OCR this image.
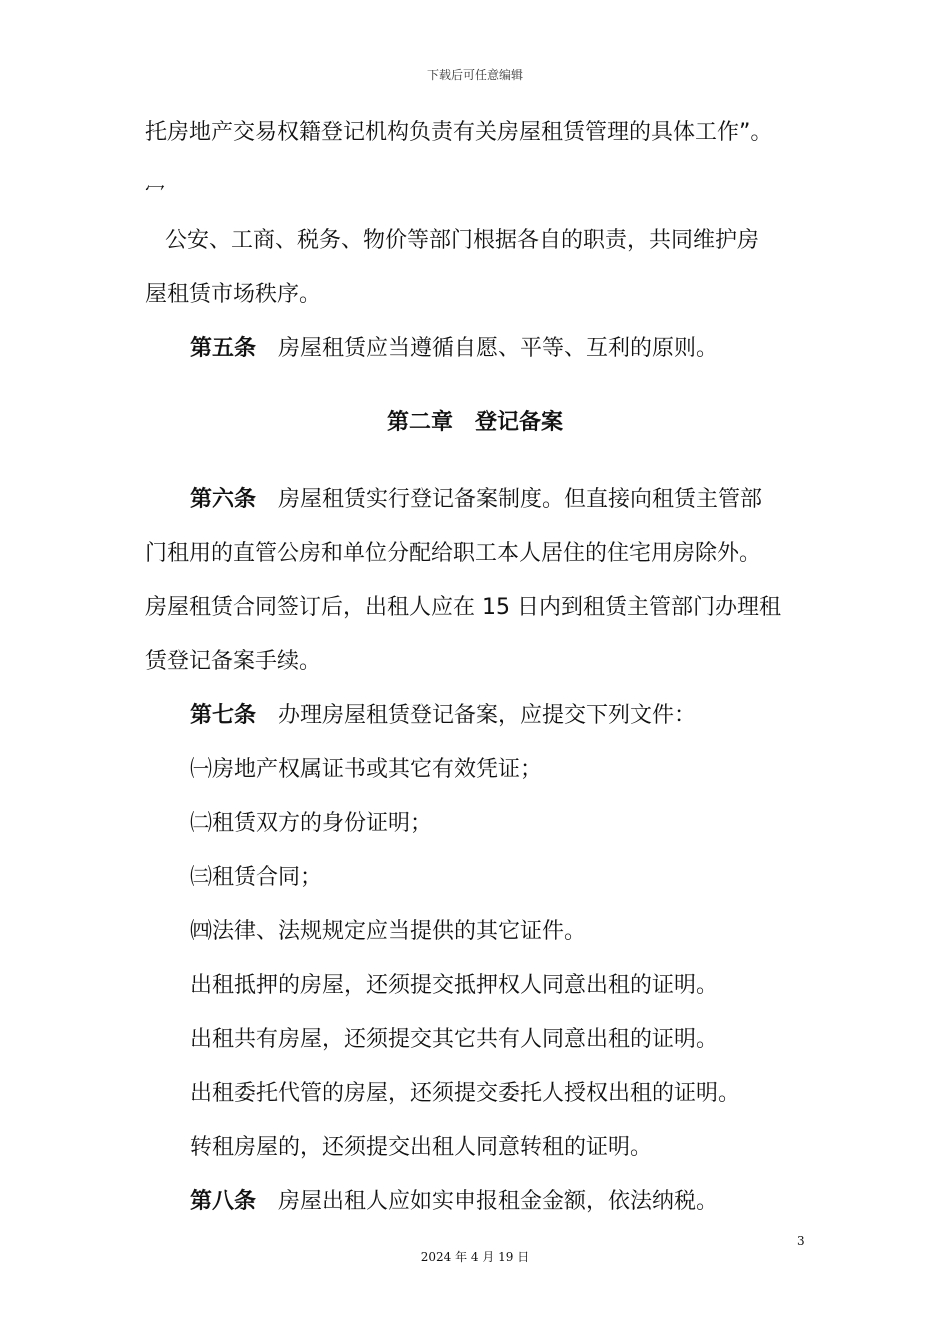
下载后可任意编辑
托房地产交易权籍登记机构负责有关房屋租赁管理的具体工作”。
冖
公安、工商、税务、物价等部门根据各自的职责，共同维护房
屋租赁市场秩序。
第五条 房屋租赁应当遵循自愿、平等、互利的原则。
第二章　登记备案
第六条 房屋租赁实行登记备案制度。但直接向租赁主管部
门租用的直管公房和单位分配给职工本人居住的住宅用房除外。
房屋租赁合同签订后，出租人应在 15 日内到租赁主管部门办理租
赁登记备案手续。
第七条 办理房屋租赁登记备案，应提交下列文件：
㈠房地产权属证书或其它有效凭证；
㈡租赁双方的身份证明；
㈢租赁合同；
㈣法律、法规规定应当提供的其它证件。
出租抵押的房屋，还须提交抵押权人同意出租的证明。
出租共有房屋，还须提交其它共有人同意出租的证明。
出租委托代管的房屋，还须提交委托人授权出租的证明。
转租房屋的，还须提交出租人同意转租的证明。
第八条 房屋出租人应如实申报租金金额，依法纳税。
3
2024 年 4 月 19 日
